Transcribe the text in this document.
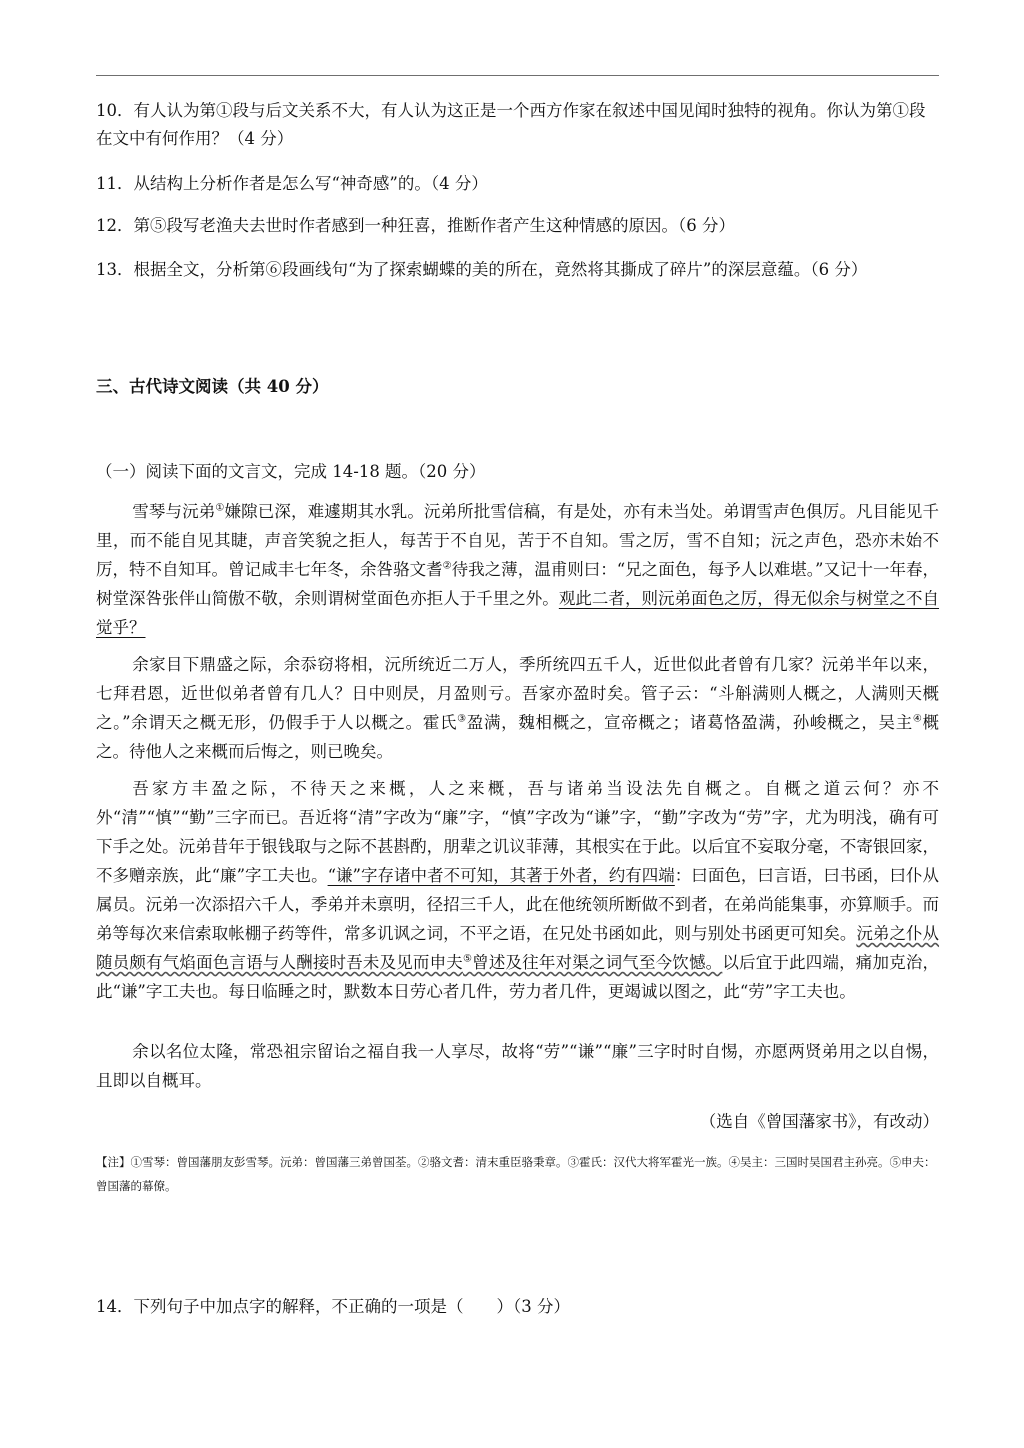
10．有人认为第①段与后文关系不大，有人认为这正是一个西方作家在叙述中国见闻时独特的视角。你认为第①段在文中有何作用？（4 分）

11．从结构上分析作者是怎么写“神奇感”的。（4 分）

12．第⑤段写老渔夫去世时作者感到一种狂喜，推断作者产生这种情感的原因。（6 分）

13．根据全文，分析第⑥段画线句“为了探索蝴蝶的美的所在，竟然将其撕成了碎片”的深层意蕴。（6 分）

三、古代诗文阅读（共 40 分）

（一）阅读下面的文言文，完成 14-18 题。（20 分）

雪琴与沅弟①嫌隙已深，难遽期其水乳。沅弟所批雪信稿，有是处，亦有未当处。弟谓雪声色俱厉。凡目能见千里，而不能自见其睫，声音笑貌之拒人，每苦于不自见，苦于不自知。雪之厉，雪不自知；沅之声色，恐亦未始不厉，特不自知耳。曾记咸丰七年冬，余咎骆文耆②待我之薄，温甫则曰：“兄之面色，每予人以难堪。”又记十一年春，树堂深咎张伴山简傲不敬，余则谓树堂面色亦拒人于千里之外。观此二者，则沅弟面色之厉，得无似余与树堂之不自觉乎？

余家目下鼎盛之际，余忝窃将相，沅所统近二万人，季所统四五千人，近世似此者曾有几家？沅弟半年以来，七拜君恩，近世似弟者曾有几人？日中则昃，月盈则亏。吾家亦盈时矣。管子云：“斗斛满则人概之，人满则天概之。”余谓天之概无形，仍假手于人以概之。霍氏③盈满，魏相概之，宣帝概之；诸葛恪盈满，孙峻概之，吴主④概之。待他人之来概而后悔之，则已晚矣。

吾家方丰盈之际，不待天之来概，人之来概，吾与诸弟当设法先自概之。自概之道云何？亦不外“清”“慎”“勤”三字而已。吾近将“清”字改为“廉”字，“慎”字改为“谦”字，“勤”字改为“劳”字，尤为明浅，确有可下手之处。沅弟昔年于银钱取与之际不甚斟酌，朋辈之讥议菲薄，其根实在于此。以后宜不妄取分毫，不寄银回家，不多赠亲族，此“廉”字工夫也。“谦”字存诸中者不可知，其著于外者，约有四端：曰面色，曰言语，曰书函，曰仆从属员。沅弟一次添招六千人，季弟并未禀明，径招三千人，此在他统领所断做不到者，在弟尚能集事，亦算顺手。而弟等每次来信索取帐棚子药等件，常多讥讽之词，不平之语，在兄处书函如此，则与别处书函更可知矣。沅弟之仆从随员颇有气焰面色言语与人酬接时吾未及见而申夫⑤曾述及往年对渠之词气至今饮憾。以后宜于此四端，痛加克治，此“谦”字工夫也。每日临睡之时，默数本日劳心者几件，劳力者几件，更竭诚以图之，此“劳”字工夫也。

余以名位太隆，常恐祖宗留诒之福自我一人享尽，故将“劳”“谦”“廉”三字时时自惕，亦愿两贤弟用之以自惕，且即以自概耳。

（选自《曾国藩家书》，有改动）

【注】①雪琴：曾国藩朋友彭雪琴。沅弟：曾国藩三弟曾国荃。②骆文耆：清末重臣骆秉章。③霍氏：汉代大将军霍光一族。④吴主：三国时吴国君主孙亮。⑤申夫：曾国藩的幕僚。

14．下列句子中加点字的解释，不正确的一项是（　　）（3 分）
